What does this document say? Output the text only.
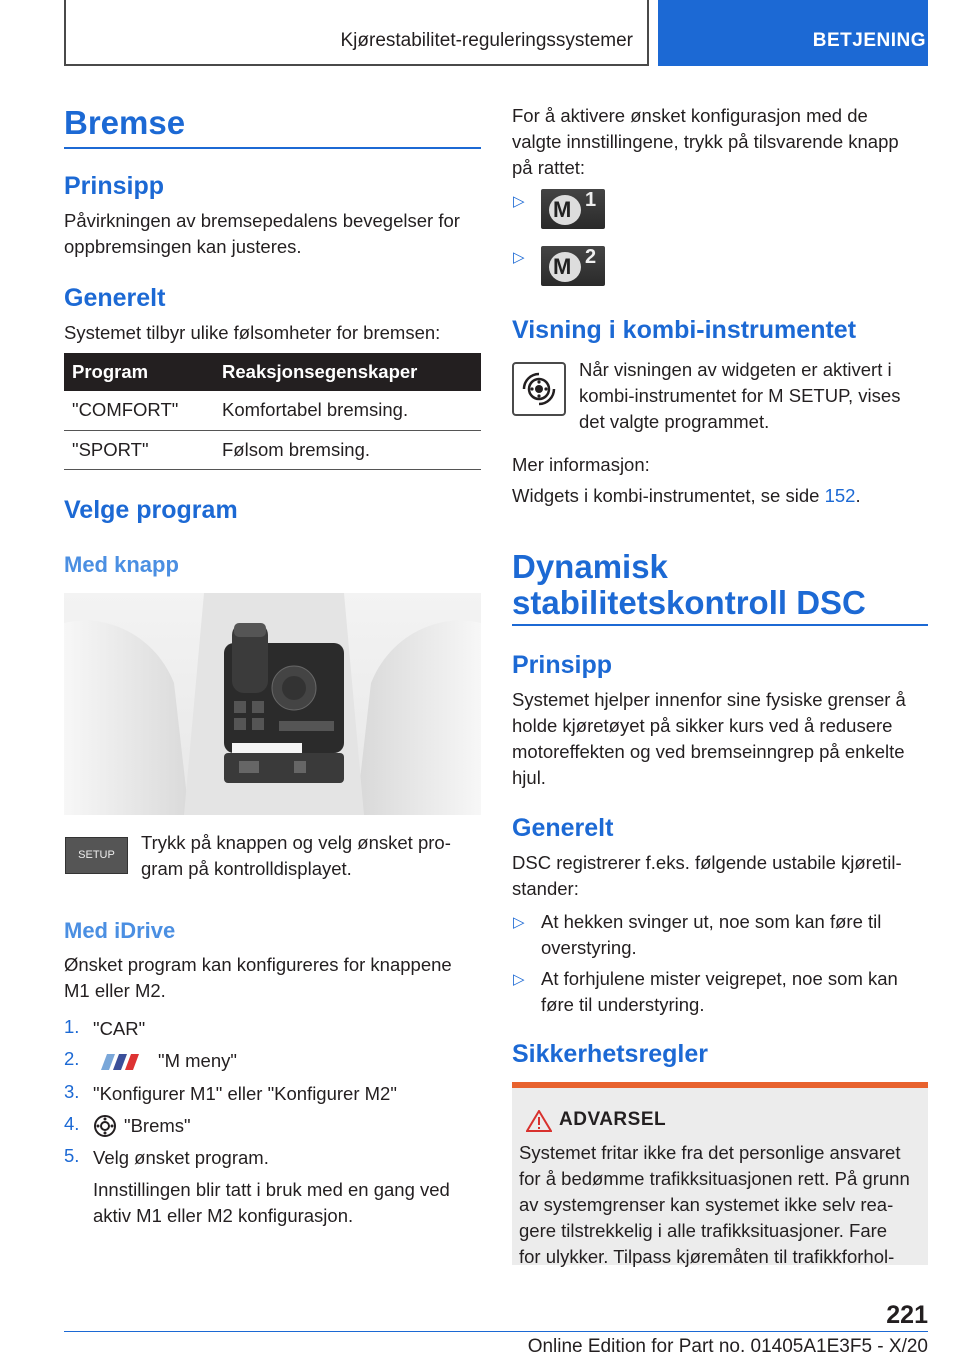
Kjørestabilitet-reguleringssystemer	BETJENING
Bremse
Prinsipp
Påvirkningen av bremsepedalens bevegelser for
oppbremsingen kan justeres.
Generelt
Systemet tilbyr ulike følsomheter for bremsen:
Program	Reaksjonsegenskaper
"COMFORT"	Komfortabel bremsing.
"SPORT"	Følsom bremsing.
Velge program
Med knapp
SETUP
Trykk på knappen og velg ønsket pro-
gram på kontrolldisplayet.
Med iDrive
Ønsket program kan konfigureres for knappene
M1 eller M2.
1. "CAR"
2.	"M meny"
3. "Konfigurer M1" eller "Konfigurer M2"
4. "Brems"
5. Velg ønsket program.
Innstillingen blir tatt i bruk med en gang ved
aktiv M1 eller M2 konfigurasjon.
For å aktivere ønsket konfigurasjon med de
valgte innstillingene, trykk på tilsvarende knapp
på rattet:
▷ M 1
▷ M 2
Visning i kombi-instrumentet
Når visningen av widgeten er aktivert i
kombi-instrumentet for M SETUP, vises
det valgte programmet.
Mer informasjon:
Widgets i kombi-instrumentet, se side 152.
Dynamisk
stabilitetskontroll DSC
Prinsipp
Systemet hjelper innenfor sine fysiske grenser å
holde kjøretøyet på sikker kurs ved å redusere
motoreffekten og ved bremseinngrep på enkelte
hjul.
Generelt
DSC registrerer f.eks. følgende ustabile kjøretil-
stander:
▷ At hekken svinger ut, noe som kan føre til
overstyring.
▷ At forhjulene mister veigrepet, noe som kan
føre til understyring.
Sikkerhetsregler
ADVARSEL
Systemet fritar ikke fra det personlige ansvaret
for å bedømme trafikksituasjonen rett. På grunn
av systemgrenser kan systemet ikke selv rea-
gere tilstrekkelig i alle trafikksituasjoner. Fare
for ulykker. Tilpass kjøremåten til trafikkforhol-
221
Online Edition for Part no. 01405A1E3F5 - X/20
